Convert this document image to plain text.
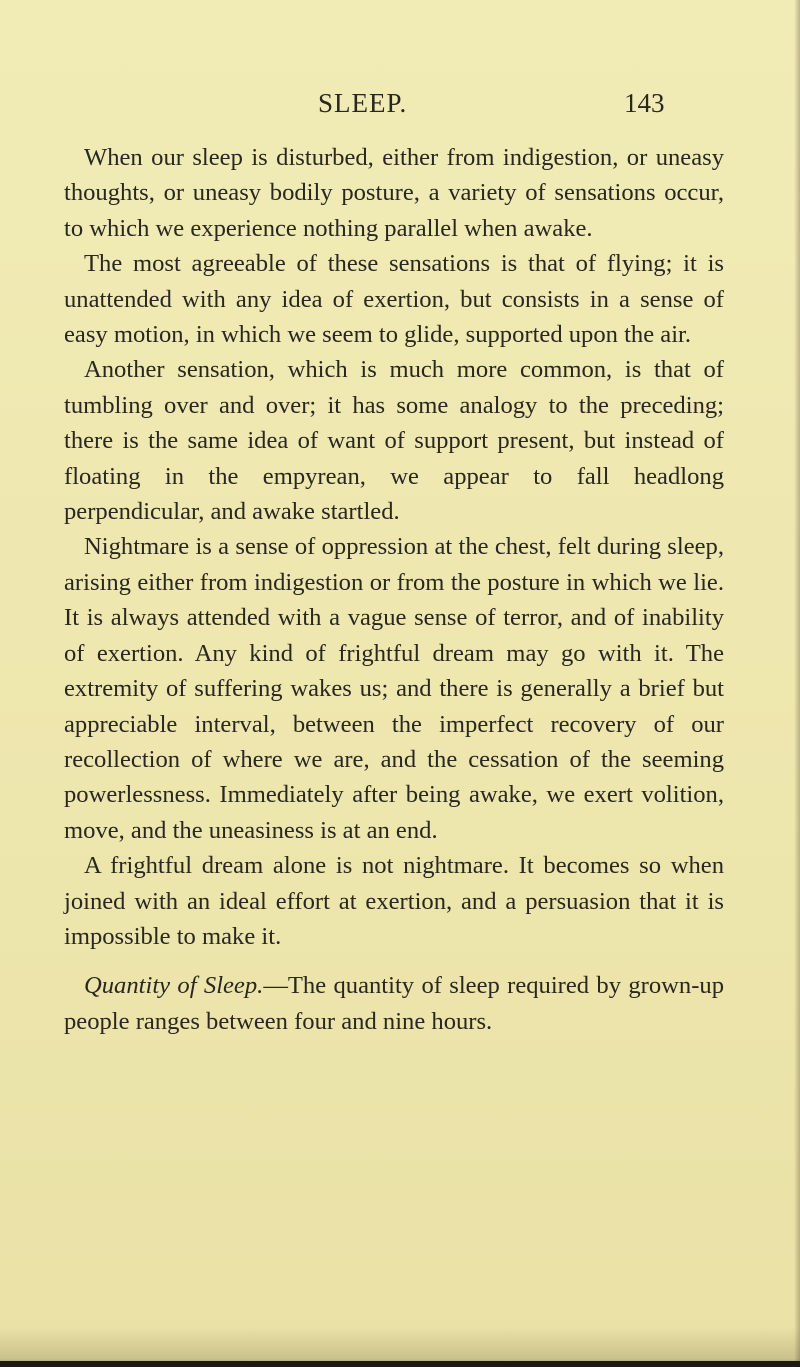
SLEEP.	143

When our sleep is disturbed, either from indigestion, or uneasy thoughts, or uneasy bodily posture, a variety of sensations occur, to which we experience nothing parallel when awake.

The most agreeable of these sensations is that of flying; it is unattended with any idea of exertion, but consists in a sense of easy motion, in which we seem to glide, supported upon the air.

Another sensation, which is much more common, is that of tumbling over and over; it has some analogy to the preceding; there is the same idea of want of support present, but instead of floating in the empyrean, we appear to fall headlong perpendicular, and awake startled.

Nightmare is a sense of oppression at the chest, felt during sleep, arising either from indigestion or from the posture in which we lie. It is always attended with a vague sense of terror, and of inability of exertion. Any kind of frightful dream may go with it. The extremity of suffering wakes us; and there is generally a brief but appreciable interval, between the imperfect recovery of our recollection of where we are, and the cessation of the seeming powerlessness. Immediately after being awake, we exert volition, move, and the uneasiness is at an end.

A frightful dream alone is not nightmare. It becomes so when joined with an ideal effort at exertion, and a persuasion that it is impossible to make it.

Quantity of Sleep.—The quantity of sleep required by grown-up people ranges between four and nine hours.
